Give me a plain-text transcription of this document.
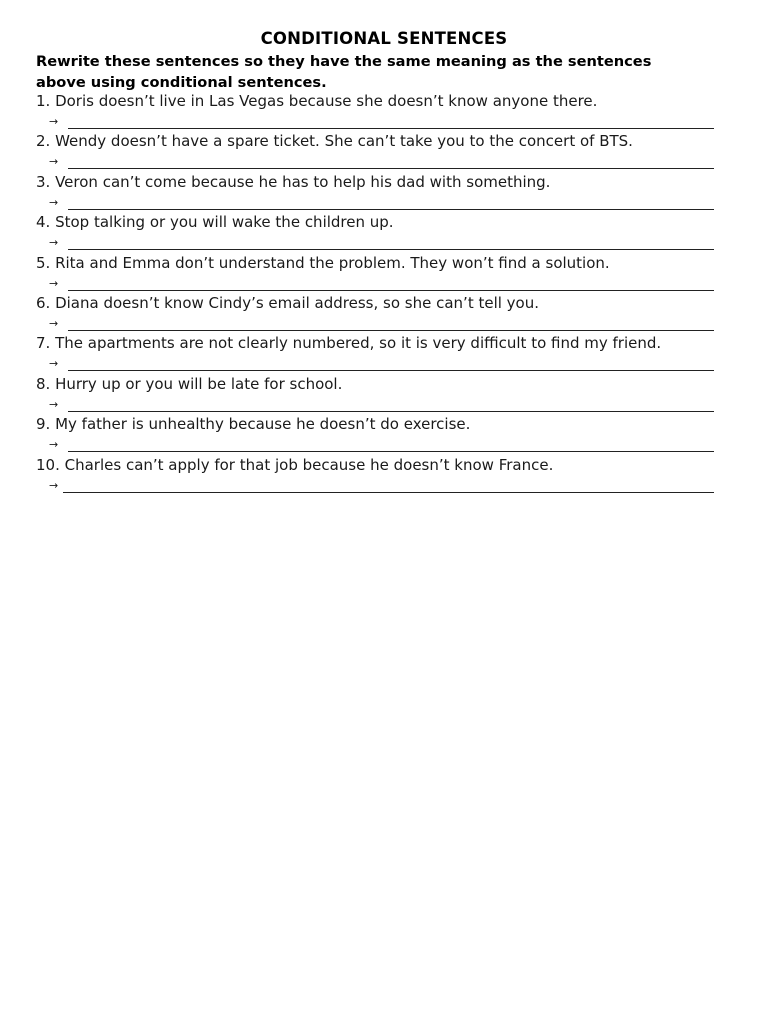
CONDITIONAL SENTENCES
Rewrite these sentences so they have the same meaning as the sentences
above using conditional sentences.
1. Doris doesn’t live in Las Vegas because she doesn’t know anyone there.
→
2. Wendy doesn’t have a spare ticket. She can’t take you to the concert of BTS.
→
3. Veron can’t come because he has to help his dad with something.
→
4. Stop talking or you will wake the children up.
→
5. Rita and Emma don’t understand the problem. They won’t find a solution.
→
6. Diana doesn’t know Cindy’s email address, so she can’t tell you.
→
7. The apartments are not clearly numbered, so it is very difficult to find my friend.
→
8. Hurry up or you will be late for school.
→
9. My father is unhealthy because he doesn’t do exercise.
→
10. Charles can’t apply for that job because he doesn’t know France.
→
